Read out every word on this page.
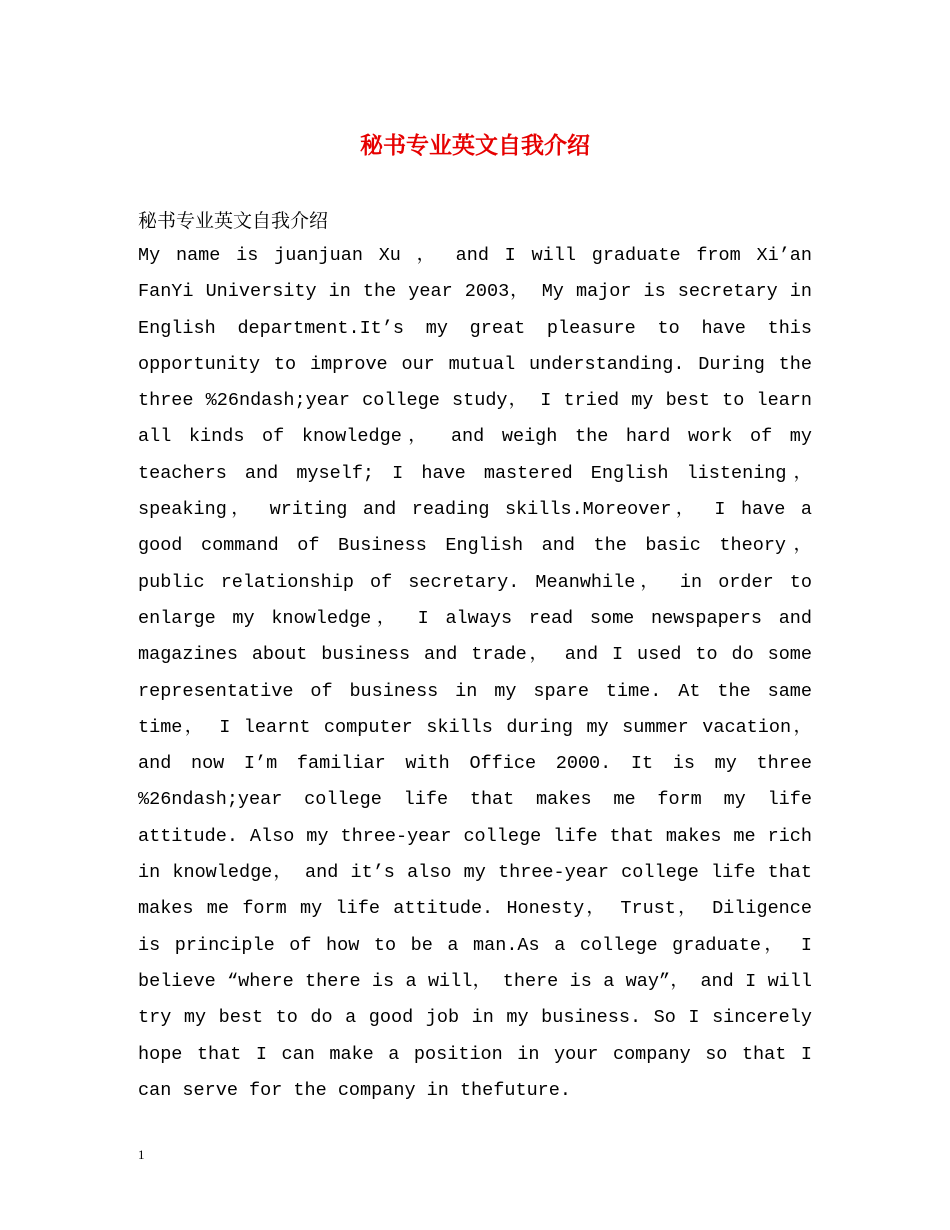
秘书专业英文自我介绍
秘书专业英文自我介绍

My name is juanjuan Xu ， and I will graduate from Xi’an FanYi University in the year 2003， My major is secretary in English department.It’s my great pleasure to have this opportunity to improve our mutual understanding. During the three %26ndash;year college study， I tried my best to learn all kinds of knowledge， and weigh the hard work of my teachers and myself; I have mastered English listening， speaking， writing and reading skills.Moreover， I have a good command of Business English and the basic theory， public relationship of secretary. Meanwhile， in order to enlarge my knowledge， I always read some newspapers and magazines about business and trade， and I used to do some representative of business in my spare time. At the same time， I learnt computer skills during my summer vacation， and now I’m familiar with Office 2000. It is my three %26ndash;year college life that makes me form my life attitude. Also my three-year college life that makes me rich in knowledge， and it’s also my three-year college life that makes me form my life attitude. Honesty， Trust， Diligence is principle of how to be a man.As a college graduate， I believe “where there is a will， there is a way”， and I will try my best to do a good job in my business. So I sincerely hope that I can make a position in your company so that I can serve for the company in thefuture.

1
